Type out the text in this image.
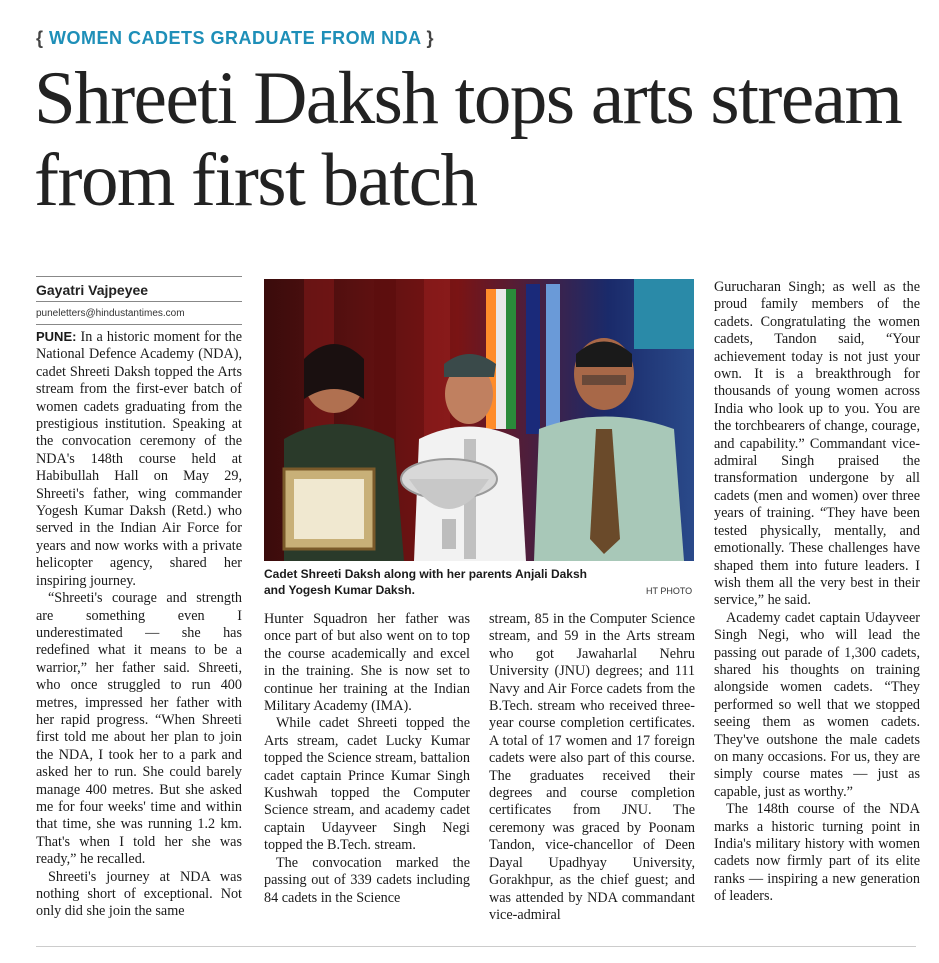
{ WOMEN CADETS GRADUATE FROM NDA }
Shreeti Daksh tops arts stream from first batch
Gayatri Vajpeyee
puneletters@hindustantimes.com

PUNE: In a historic moment for the National Defence Academy (NDA), cadet Shreeti Daksh topped the Arts stream from the first-ever batch of women cadets graduating from the prestigious institution. Speaking at the convocation ceremony of the NDA's 148th course held at Habibullah Hall on May 29, Shreeti's father, wing commander Yogesh Kumar Daksh (Retd.) who served in the Indian Air Force for years and now works with a private helicopter agency, shared her inspiring journey.

“Shreeti's courage and strength are something even I underestimated — she has redefined what it means to be a warrior,” her father said. Shreeti, who once struggled to run 400 metres, impressed her father with her rapid progress. “When Shreeti first told me about her plan to join the NDA, I took her to a park and asked her to run. She could barely manage 400 metres. But she asked me for four weeks' time and within that time, she was running 1.2 km. That's when I told her she was ready,” he recalled.

Shreeti's journey at NDA was nothing short of exceptional. Not only did she join the same

Cadet Shreeti Daksh along with her parents Anjali Daksh and Yogesh Kumar Daksh.	HT PHOTO

Hunter Squadron her father was once part of but also went on to top the course academically and excel in the training. She is now set to continue her training at the Indian Military Academy (IMA).

While cadet Shreeti topped the Arts stream, cadet Lucky Kumar topped the Science stream, battalion cadet captain Prince Kumar Singh Kushwah topped the Computer Science stream, and academy cadet captain Udayveer Singh Negi topped the B.Tech. stream.

The convocation marked the passing out of 339 cadets including 84 cadets in the Science

stream, 85 in the Computer Science stream, and 59 in the Arts stream who got Jawaharlal Nehru University (JNU) degrees; and 111 Navy and Air Force cadets from the B.Tech. stream who received three-year course completion certificates. A total of 17 women and 17 foreign cadets were also part of this course. The graduates received their degrees and course completion certificates from JNU. The ceremony was graced by Poonam Tandon, vice-chancellor of Deen Dayal Upadhyay University, Gorakhpur, as the chief guest; and was attended by NDA commandant vice-admiral

Gurucharan Singh; as well as the proud family members of the cadets. Congratulating the women cadets, Tandon said, “Your achievement today is not just your own. It is a breakthrough for thousands of young women across India who look up to you. You are the torchbearers of change, courage, and capability.” Commandant vice-admiral Singh praised the transformation undergone by all cadets (men and women) over three years of training. “They have been tested physically, mentally, and emotionally. These challenges have shaped them into future leaders. I wish them all the very best in their service,” he said.

Academy cadet captain Udayveer Singh Negi, who will lead the passing out parade of 1,300 cadets, shared his thoughts on training alongside women cadets. “They performed so well that we stopped seeing them as women cadets. They've outshone the male cadets on many occasions. For us, they are simply course mates — just as capable, just as worthy.”

The 148th course of the NDA marks a historic turning point in India's military history with women cadets now firmly part of its elite ranks — inspiring a new generation of leaders.
